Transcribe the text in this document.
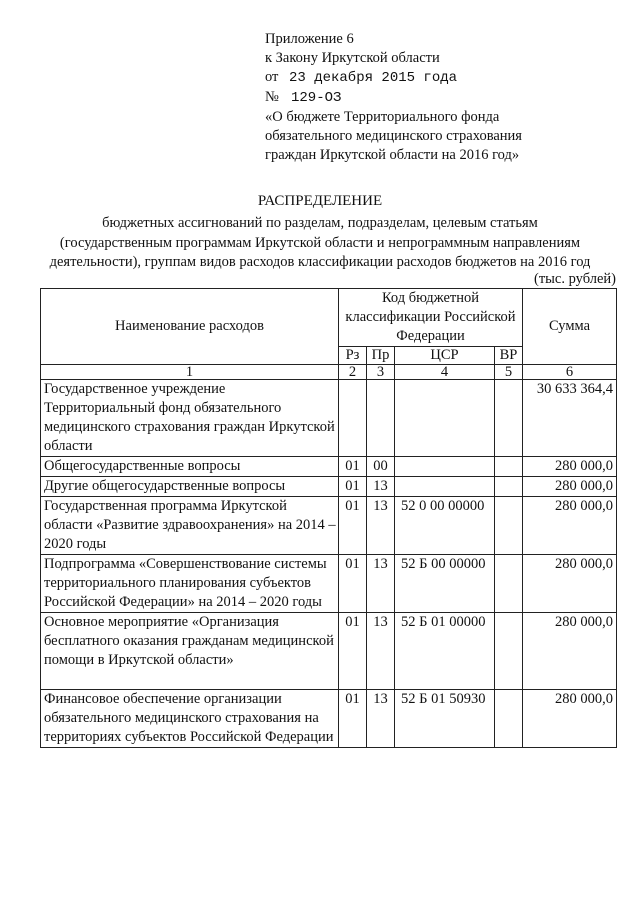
Приложение 6
к Закону Иркутской области
от 23 декабря 2015 года
№ 129-ОЗ
«О бюджете Территориального фонда
обязательного медицинского страхования
граждан Иркутской области на 2016 год»
РАСПРЕДЕЛЕНИЕ
бюджетных ассигнований по разделам, подразделам, целевым статьям
(государственным программам Иркутской области и непрограммным направлениям
деятельности), группам видов расходов классификации расходов бюджетов на 2016 год
(тыс. рублей)
Наименование расходов	Код бюджетной классификации Российской Федерации				Сумма
	Рз	Пр	ЦСР	ВР	
1	2	3	4	5	6
Государственное учреждение Территориальный фонд обязательного медицинского страхования граждан Иркутской области					30 633 364,4
Общегосударственные вопросы	01	00			280 000,0
Другие общегосударственные вопросы	01	13			280 000,0
Государственная программа Иркутской области «Развитие здравоохранения» на 2014 – 2020 годы	01	13	52 0 00 00000		280 000,0
Подпрограмма «Совершенствование системы территориального планирования субъектов Российской Федерации» на 2014 – 2020 годы	01	13	52 Б 00 00000		280 000,0
Основное мероприятие «Организация бесплатного оказания гражданам медицинской помощи в Иркутской области»	01	13	52 Б 01 00000		280 000,0
Финансовое обеспечение организации обязательного медицинского страхования на территориях субъектов Российской Федерации	01	13	52 Б 01 50930		280 000,0
